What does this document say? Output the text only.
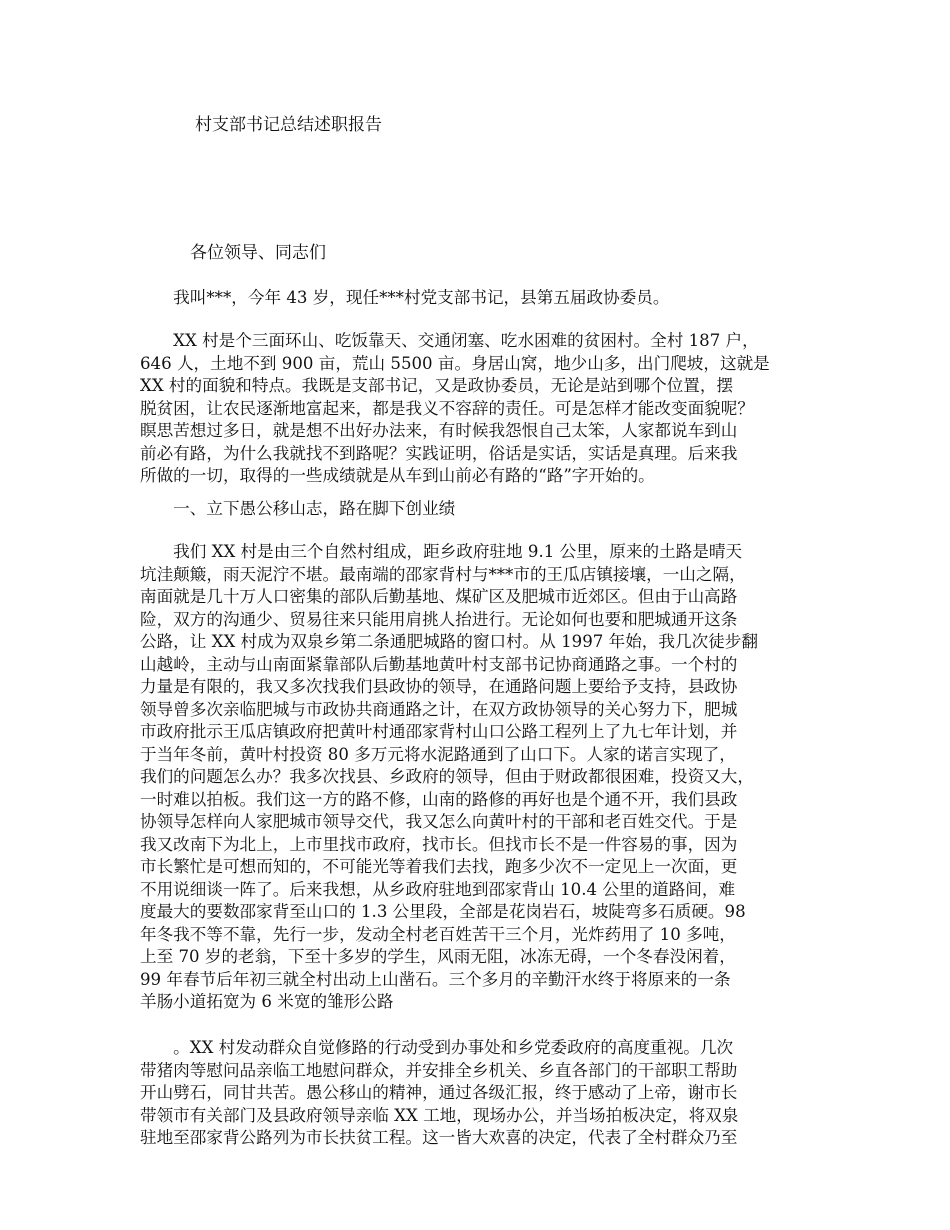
村支部书记总结述职报告
各位领导、同志们
　　我叫***，今年 43 岁，现任***村党支部书记，县第五届政协委员。
　　XX 村是个三面环山、吃饭靠天、交通闭塞、吃水困难的贫困村。全村 187 户，
646 人，土地不到 900 亩，荒山 5500 亩。身居山窝，地少山多，出门爬坡，这就是
XX 村的面貌和特点。我既是支部书记，又是政协委员，无论是站到哪个位置，摆
脱贫困，让农民逐渐地富起来，都是我义不容辞的责任。可是怎样才能改变面貌呢？
瞑思苦想过多日，就是想不出好办法来，有时候我怨恨自己太笨，人家都说车到山
前必有路，为什么我就找不到路呢？实践证明，俗话是实话，实话是真理。后来我
所做的一切，取得的一些成绩就是从车到山前必有路的“路”字开始的。
　　一、立下愚公移山志，路在脚下创业绩
　　我们 XX 村是由三个自然村组成，距乡政府驻地 9.1 公里，原来的土路是晴天
坑洼颠簸，雨天泥泞不堪。最南端的邵家背村与***市的王瓜店镇接壤，一山之隔，
南面就是几十万人口密集的部队后勤基地、煤矿区及肥城市近郊区。但由于山高路
险，双方的沟通少、贸易往来只能用肩挑人抬进行。无论如何也要和肥城通开这条
公路，让 XX 村成为双泉乡第二条通肥城路的窗口村。从 1997 年始，我几次徒步翻
山越岭，主动与山南面紧靠部队后勤基地黄叶村支部书记协商通路之事。一个村的
力量是有限的，我又多次找我们县政协的领导，在通路问题上要给予支持，县政协
领导曾多次亲临肥城与市政协共商通路之计，在双方政协领导的关心努力下，肥城
市政府批示王瓜店镇政府把黄叶村通邵家背村山口公路工程列上了九七年计划，并
于当年冬前，黄叶村投资 80 多万元将水泥路通到了山口下。人家的诺言实现了，
我们的问题怎么办？我多次找县、乡政府的领导，但由于财政都很困难，投资又大，
一时难以拍板。我们这一方的路不修，山南的路修的再好也是个通不开，我们县政
协领导怎样向人家肥城市领导交代，我又怎么向黄叶村的干部和老百姓交代。于是
我又改南下为北上，上市里找市政府，找市长。但找市长不是一件容易的事，因为
市长繁忙是可想而知的，不可能光等着我们去找，跑多少次不一定见上一次面，更
不用说细谈一阵了。后来我想，从乡政府驻地到邵家背山 10.4 公里的道路间，难
度最大的要数邵家背至山口的 1.3 公里段，全部是花岗岩石，坡陡弯多石质硬。98
年冬我不等不靠，先行一步，发动全村老百姓苦干三个月，光炸药用了 10 多吨，
上至 70 岁的老翁，下至十多岁的学生，风雨无阻，冰冻无碍，一个冬春没闲着，
99 年春节后年初三就全村出动上山凿石。三个多月的辛勤汗水终于将原来的一条
羊肠小道拓宽为 6 米宽的雏形公路
　　。XX 村发动群众自觉修路的行动受到办事处和乡党委政府的高度重视。几次
带猪肉等慰问品亲临工地慰问群众，并安排全乡机关、乡直各部门的干部职工帮助
开山劈石，同甘共苦。愚公移山的精神，通过各级汇报，终于感动了上帝，谢市长
带领市有关部门及县政府领导亲临 XX 工地，现场办公，并当场拍板决定，将双泉
驻地至邵家背公路列为市长扶贫工程。这一皆大欢喜的决定，代表了全村群众乃至
